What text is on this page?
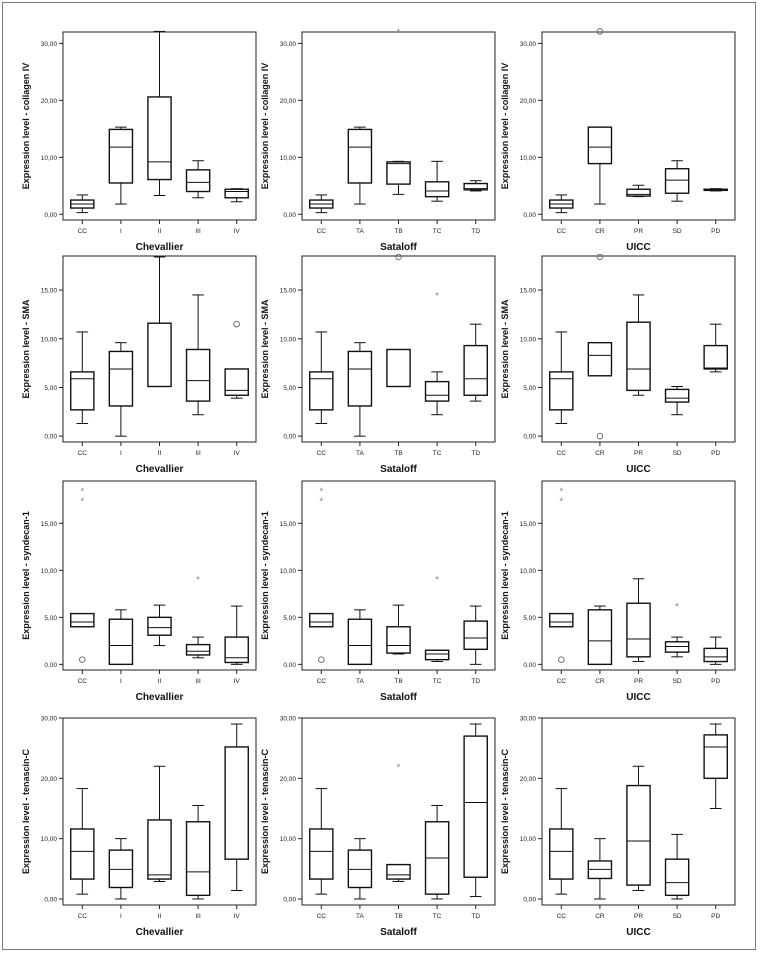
0,00
10,00
20,00
30,00
CC	I	II	III	IV
Expression level - collagen IV
Chevallier
0,00
10,00
20,00
30,00
CC	TA	TB	TC	TD
*
Expression level - collagen IV
Sataloff
0,00
10,00
20,00
30,00
CC	CR	PR	SD	PD
Expression level - collagen IV
UICC
0,00
5,00
10,00
15,00
CC	I	II	III	IV
Expression level - SMA
Chevallier
0,00
5,00
10,00
15,00
CC	TA	TB	TC	TD
*
Expression level - SMA
Sataloff
0,00
5,00
10,00
15,00
CC	CR	PR	SD	PD
Expression level - SMA
UICC
0,00
5,00
10,00
15,00
CC	I	II	III	IV
*
*
*
Expression level - syndecan-1
Chevallier
0,00
5,00
10,00
15,00
CC	TA	TB	TC	TD
*
*
*
Expression level - syndecan-1
Sataloff
0,00
5,00
10,00
15,00
CC	CR	PR	SD	PD
*
*
*
Expression level - syndecan-1
UICC
0,00
10,00
20,00
30,00
CC	I	II	III	IV
Expression level - tenascin-C
Chevallier
0,00
10,00
20,00
30,00
CC	TA	TB	TC	TD
*
Expression level - tenascin-C
Sataloff
0,00
10,00
20,00
30,00
CC	CR	PR	SD	PD
Expression level - tenascin-C
UICC
